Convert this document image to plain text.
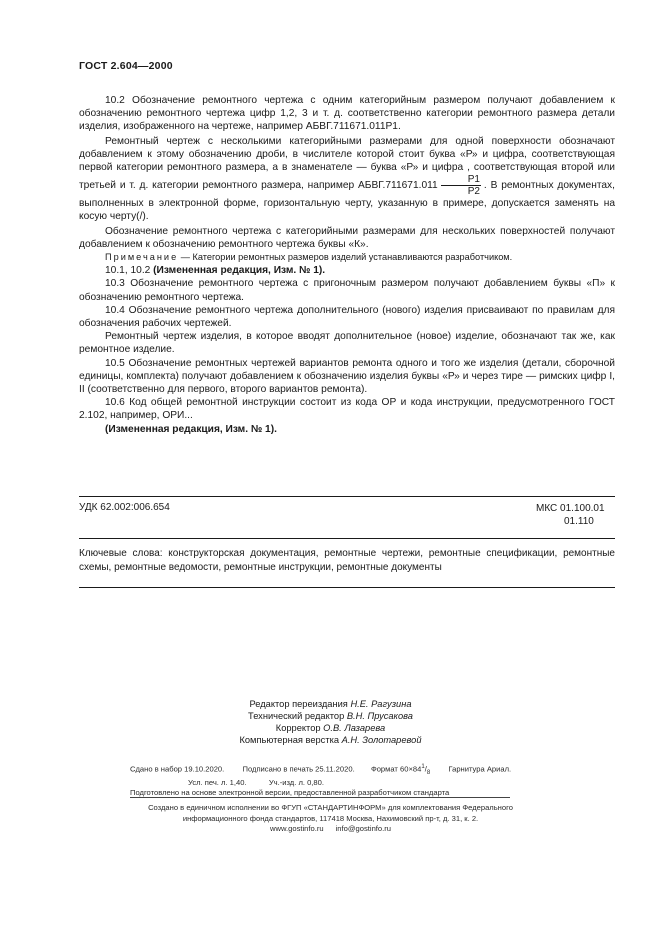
ГОСТ 2.604—2000

10.2 Обозначение ремонтного чертежа с одним категорийным размером получают добавлением к обозначению ремонтного чертежа цифр 1,2, 3 и т. д. соответственно категории ремонтного размера детали изделия, изображенного на чертеже, например АБВГ.711671.011Р1.

Ремонтный чертеж с несколькими категорийными размерами для одной поверхности обозначают добавлением к этому обозначению дроби, в числителе которой стоит буква «Р» и цифра, соответствующая первой категории ремонтного размера, а в знаменателе — буква «Р» и цифра , соответствующая второй или третьей и т. д. категории ремонтного размера, например АБВГ.711671.011 $\frac{Р1}{Р2}$ . В ремонтных документах, выполненных в электронной форме, горизонтальную черту, указанную в примере, допускается заменять на косую черту(/).

Обозначение ремонтного чертежа с категорийными размерами для нескольких поверхностей получают добавлением к обозначению ремонтного чертежа буквы «К».

Примечание — Категории ремонтных размеров изделий устанавливаются разработчиком.

10.1, 10.2 (Измененная редакция, Изм. № 1).

10.3 Обозначение ремонтного чертежа с пригоночным размером получают добавлением буквы «П» к обозначению ремонтного чертежа.

10.4 Обозначение ремонтного чертежа дополнительного (нового) изделия присваивают по правилам для обозначения рабочих чертежей.

Ремонтный чертеж изделия, в которое вводят дополнительное (новое) изделие, обозначают так же, как ремонтное изделие.

10.5 Обозначение ремонтных чертежей вариантов ремонта одного и того же изделия (детали, сборочной единицы, комплекта) получают добавлением к обозначению изделия буквы «Р» и через тире — римских цифр I, II (соответственно для первого, второго вариантов ремонта).

10.6 Код общей ремонтной инструкции состоит из кода ОР и кода инструкции, предусмотренного ГОСТ 2.102, например, ОРИ...

(Измененная редакция, Изм. № 1).

УДК 62.002:006.654	МКС 01.100.01
01.110
Ключевые слова: конструкторская документация, ремонтные чертежи, ремонтные спецификации, ремонтные схемы, ремонтные ведомости, ремонтные инструкции, ремонтные документы
Редактор переиздания Н.Е. Рагузина
Технический редактор В.Н. Прусакова
Корректор О.В. Лазарева
Компьютерная верстка А.Н. Золотаревой
Сдано в набор 19.10.2020. Подписано в печать 25.11.2020. Формат $60\times 84^1/_8$ Гарнитура Ариал.
Усл. печ. л. 1,40.	Уч.-изд. л. 0,80.
Подготовлено на основе электронной версии, предоставленной разработчиком стандарта
Создано в единичном исполнении во ФГУП «СТАНДАРТИНФОРМ» для комплектования Федерального
информационного фонда стандартов, 117418 Москва, Нахимовский пр-т, д. 31, к. 2.
www.gostinfo.ru info@gostinfo.ru
